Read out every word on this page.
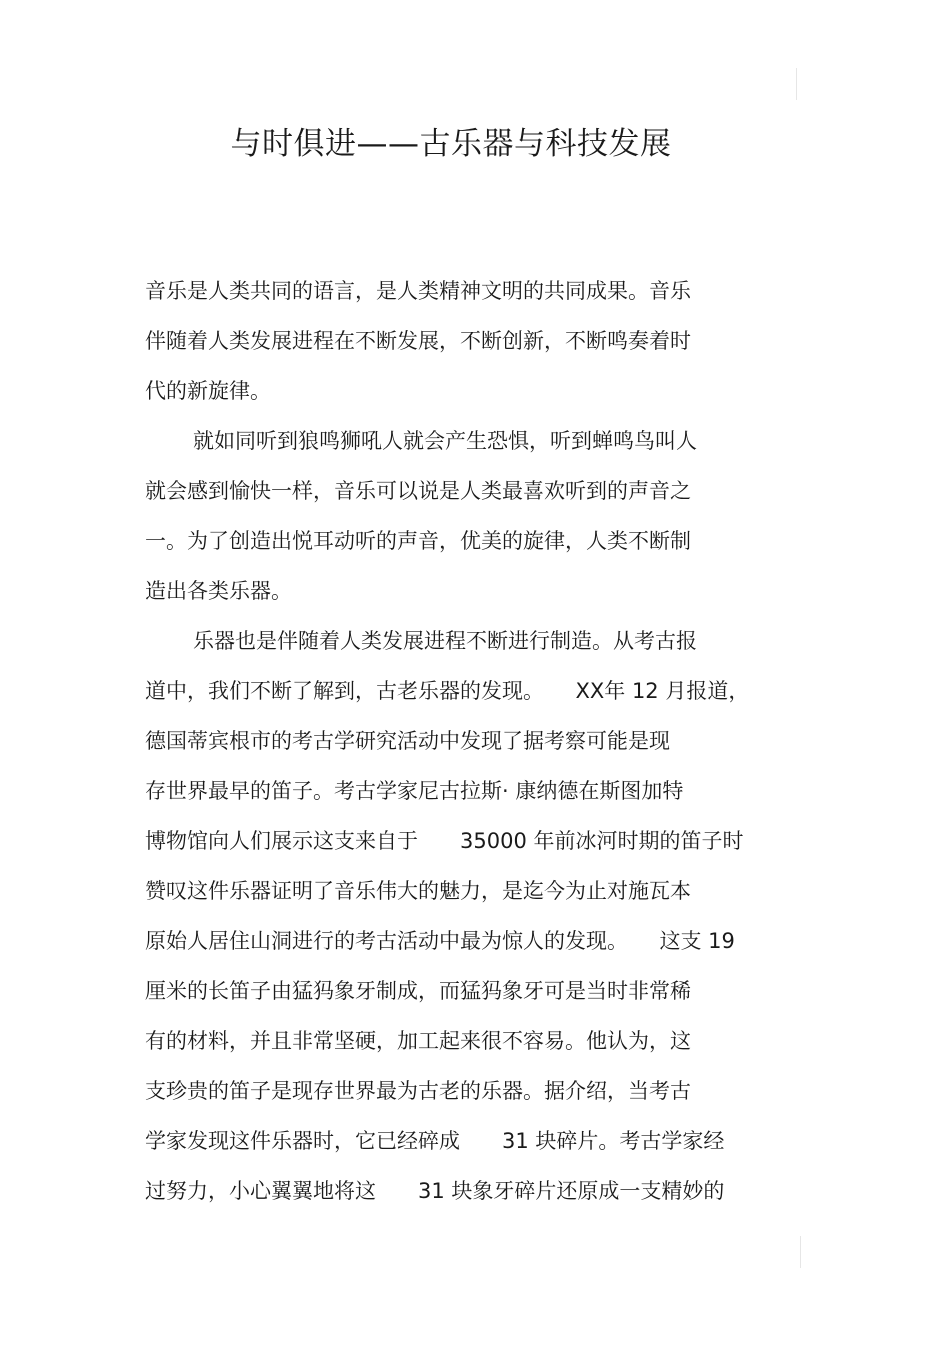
与时俱进——古乐器与科技发展

音乐是人类共同的语言，是人类精神文明的共同成果。音乐

伴随着人类发展进程在不断发展，不断创新，不断鸣奏着时

代的新旋律。

就如同听到狼鸣狮吼人就会产生恐惧，听到蝉鸣鸟叫人

就会感到愉快一样，音乐可以说是人类最喜欢听到的声音之

一。为了创造出悦耳动听的声音，优美的旋律，人类不断制

造出各类乐器。

乐器也是伴随着人类发展进程不断进行制造。从考古报

道中，我们不断了解到，古老乐器的发现。　　XX年 12 月报道，

德国蒂宾根市的考古学研究活动中发现了据考察可能是现

存世界最早的笛子。考古学家尼古拉斯· 康纳德在斯图加特

博物馆向人们展示这支来自于　　35000 年前冰河时期的笛子时

赞叹这件乐器证明了音乐伟大的魅力，是迄今为止对施瓦本

原始人居住山洞进行的考古活动中最为惊人的发现。　　这支 19

厘米的长笛子由猛犸象牙制成，而猛犸象牙可是当时非常稀

有的材料，并且非常坚硬，加工起来很不容易。他认为，这

支珍贵的笛子是现存世界最为古老的乐器。据介绍，当考古

学家发现这件乐器时，它已经碎成　　31 块碎片。考古学家经

过努力，小心翼翼地将这　　31 块象牙碎片还原成一支精妙的
